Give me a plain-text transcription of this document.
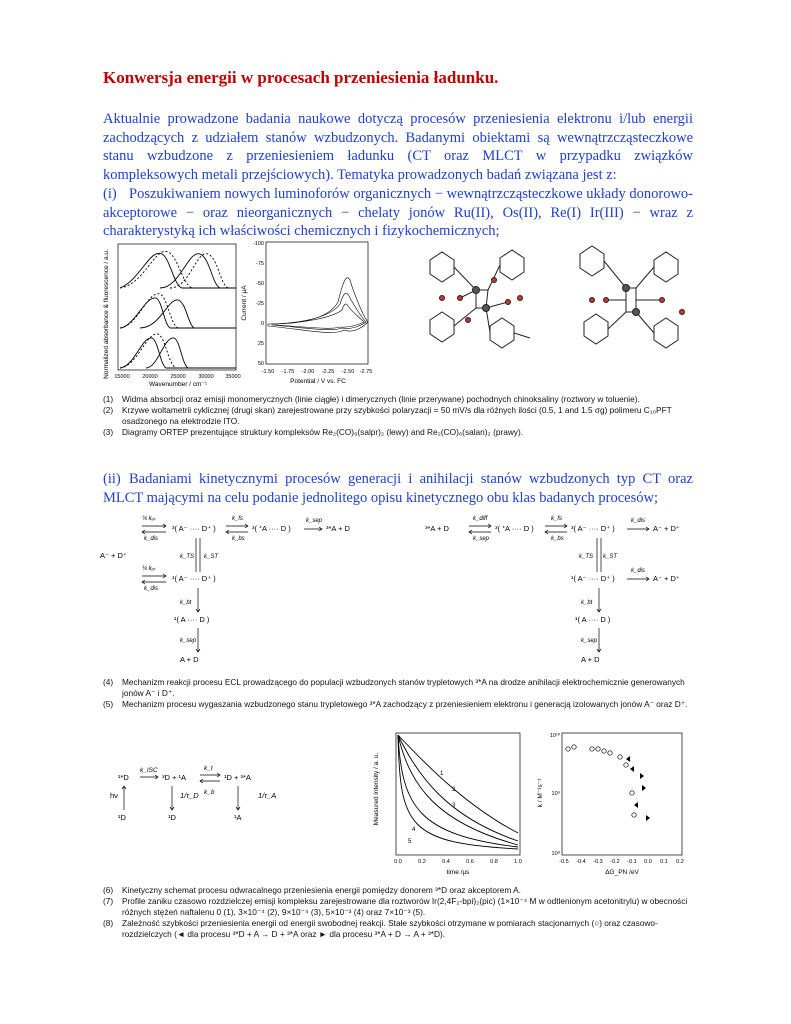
Konwersja energii w procesach przeniesienia ładunku.
Aktualnie prowadzone badania naukowe dotyczą procesów przeniesienia elektronu i/lub energii zachodzących z udziałem stanów wzbudzonych. Badanymi obiektami są wewnątrzcząsteczkowe stanu wzbudzone z przeniesieniem ładunku (CT oraz MLCT w przypadku związków kompleksowych metali przejściowych). Tematyka prowadzonych badań związana jest z:
(i) Poszukiwaniem nowych luminoforów organicznych − wewnątrzcząsteczkowe układy donorowo-akceptorowe − oraz nieorganicznych − chelaty jonów Ru(II), Os(II), Re(I) Ir(III) − wraz z charakterystyką ich właściwości chemicznych i fizykochemicznych;
Normalized absorbance & fluorescence / a.u. 15000 20000 25000 30000 35000
Wavenumber / cm⁻¹
Current / μA
-100
-75
-50
-25
0
25
50
-1.50 -1.75 -2.00 -2.25 -2.50 -2.75
Potential / V vs. FC
(1)	Widma absorbcji oraz emisji monomerycznych (linie ciągłe) i dimerycznych (linie przerywane) pochodnych chinoksaliny (roztwory w toluenie).
(2)	Krzywe woltametrii cyklicznej (drugi skan) zarejestrowane przy szybkości polaryzacji = 50 mV/s dla różnych ilości (0.5, 1 and 1.5 σg) polimeru C₁₀PFT osadzonego na elektrodzie ITO.
(3)	Diagramy ORTEP prezentujące struktury kompleksów Re₂(CO)₆(salpr)₂ (lewy) and Re₂(CO)₆(salan)₂ (prawy).
(ii) Badaniami kinetycznymi procesów generacji i anihilacji stanów wzbudzonych typ CT oraz MLCT mającymi na celu podanie jednolitego opisu kinetycznego obu klas badanych procesów;
A⁻ + D⁺
¾ kₐₜ
k_dis
³( A⁻ ···· D⁺ )
k_fs
k_bs
³( ᐩA ···· D )
k_sep
³*A + D
k_TS k_ST
¼ kₐₜ
k_dis
¹( A⁻ ···· D⁺ )
k_bt
¹( A ···· D )
k_sep
A + D
³*A + D
k_diff
k_sep
³( ᐩA ···· D )
k_fs
k_bs
³( A⁻ ···· D⁺ )
k_dis
A⁻ + D⁺
k_TS k_ST
¹( A⁻ ···· D⁺ )
k_dis
A⁻ + D⁺
k_bt
¹( A ···· D )
k_sep
A + D
(4)	Mechanizm reakcji procesu ECL prowadzącego do populacji wzbudzonych stanów trypletowych ³*A na drodze anihilacji elektrochemicznie generowanych jonów A⁻ i D⁺.
(5)	Mechanizm procesu wygaszania wzbudzonego stanu trypletowego ³*A zachodzący z przeniesieniem elektronu i generacją izolowanych jonów A⁻ oraz D⁺.
¹*D
k_ISC
³D + ¹A
k_t
k_b
¹D + ³*A
hν	1/τ_D	1/τ_A
¹D	¹D	¹A	Measured intensity / a. u.	1
2
3
4
5
0.0	0.2	0.4	0.6	0.8	1.0
time /μs
k / M⁻¹s⁻¹
10¹⁰
10⁹
10⁸
-0.5 -0.4 -0.3 -0.2 -0.1 0.0 0.1 0.2
ΔG_PN /eV
(6)	Kinetyczny schemat procesu odwracalnego przeniesienia energii pomiędzy donorem ³*D oraz akceptorem A.
(7)	Profile zaniku czasowo rozdzielczej emisji kompleksu zarejestrowane dla roztworów Ir(2,4F₂-bpi)₂(pic) (1×10⁻⁴ M w odtlenionym acetonitrylu) w obecności różnych stężeń naftalenu 0 (1), 3×10⁻⁴ (2), 9×10⁻⁴ (3), 5×10⁻³ (4) oraz 7×10⁻³ (5).
(8)	Zależność szybkości przeniesienia energii od energii swobodnej reakcji. Stałe szybkości otrzymane w pomiarach stacjonarnych (○) oraz czasowo-rozdzielczych (◄ dla procesu ³*D + A → D + ³*A oraz ► dla procesu ³*A + D → A + ³*D).
